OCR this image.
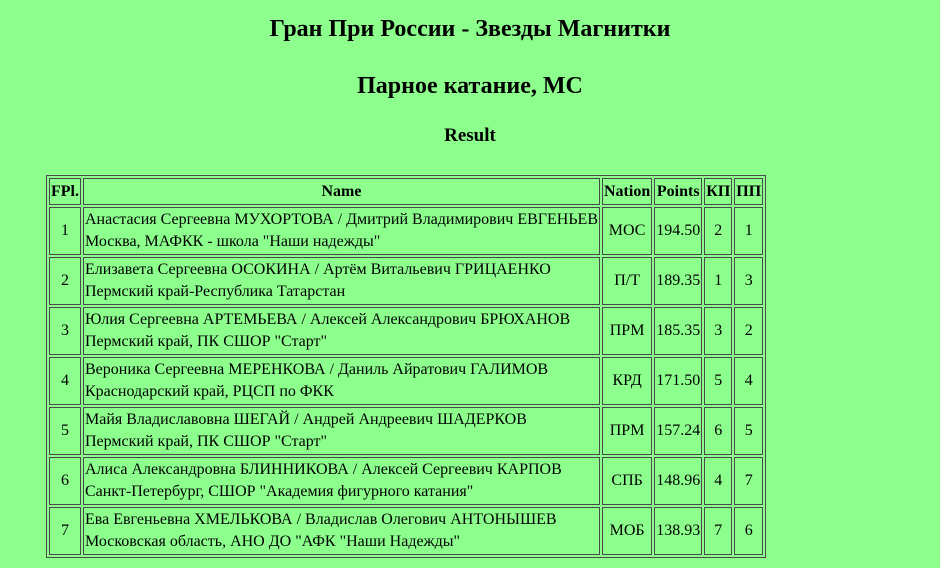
Гран При России - Звезды Магнитки
Парное катание, МС
Result
FPl.	Name	Nation	Points	КП	ПП
1	Анастасия Сергеевна МУХОРТОВА / Дмитрий Владимирович ЕВГЕНЬЕВ
Москва, МАФКК - школа "Наши надежды"	МОС	194.50	2	1
2	Елизавета Сергеевна ОСОКИНА / Артём Витальевич ГРИЦАЕНКО
Пермский край-Республика Татарстан	П/Т	189.35	1	3
3	Юлия Сергеевна АРТЕМЬЕВА / Алексей Александрович БРЮХАНОВ
Пермский край, ПК СШОР "Старт"	ПРМ	185.35	3	2
4	Вероника Сергеевна МЕРЕНКОВА / Даниль Айратович ГАЛИМОВ
Краснодарский край, РЦСП по ФКК	КРД	171.50	5	4
5	Майя Владиславовна ШЕГАЙ / Андрей Андреевич ШАДЕРКОВ
Пермский край, ПК СШОР "Старт"	ПРМ	157.24	6	5
6	Алиса Александровна БЛИННИКОВА / Алексей Сергеевич КАРПОВ
Санкт-Петербург, СШОР "Академия фигурного катания"	СПБ	148.96	4	7
7	Ева Евгеньевна ХМЕЛЬКОВА / Владислав Олегович АНТОНЫШЕВ
Московская область, АНО ДО "АФК "Наши Надежды"	МОБ	138.93	7	6
